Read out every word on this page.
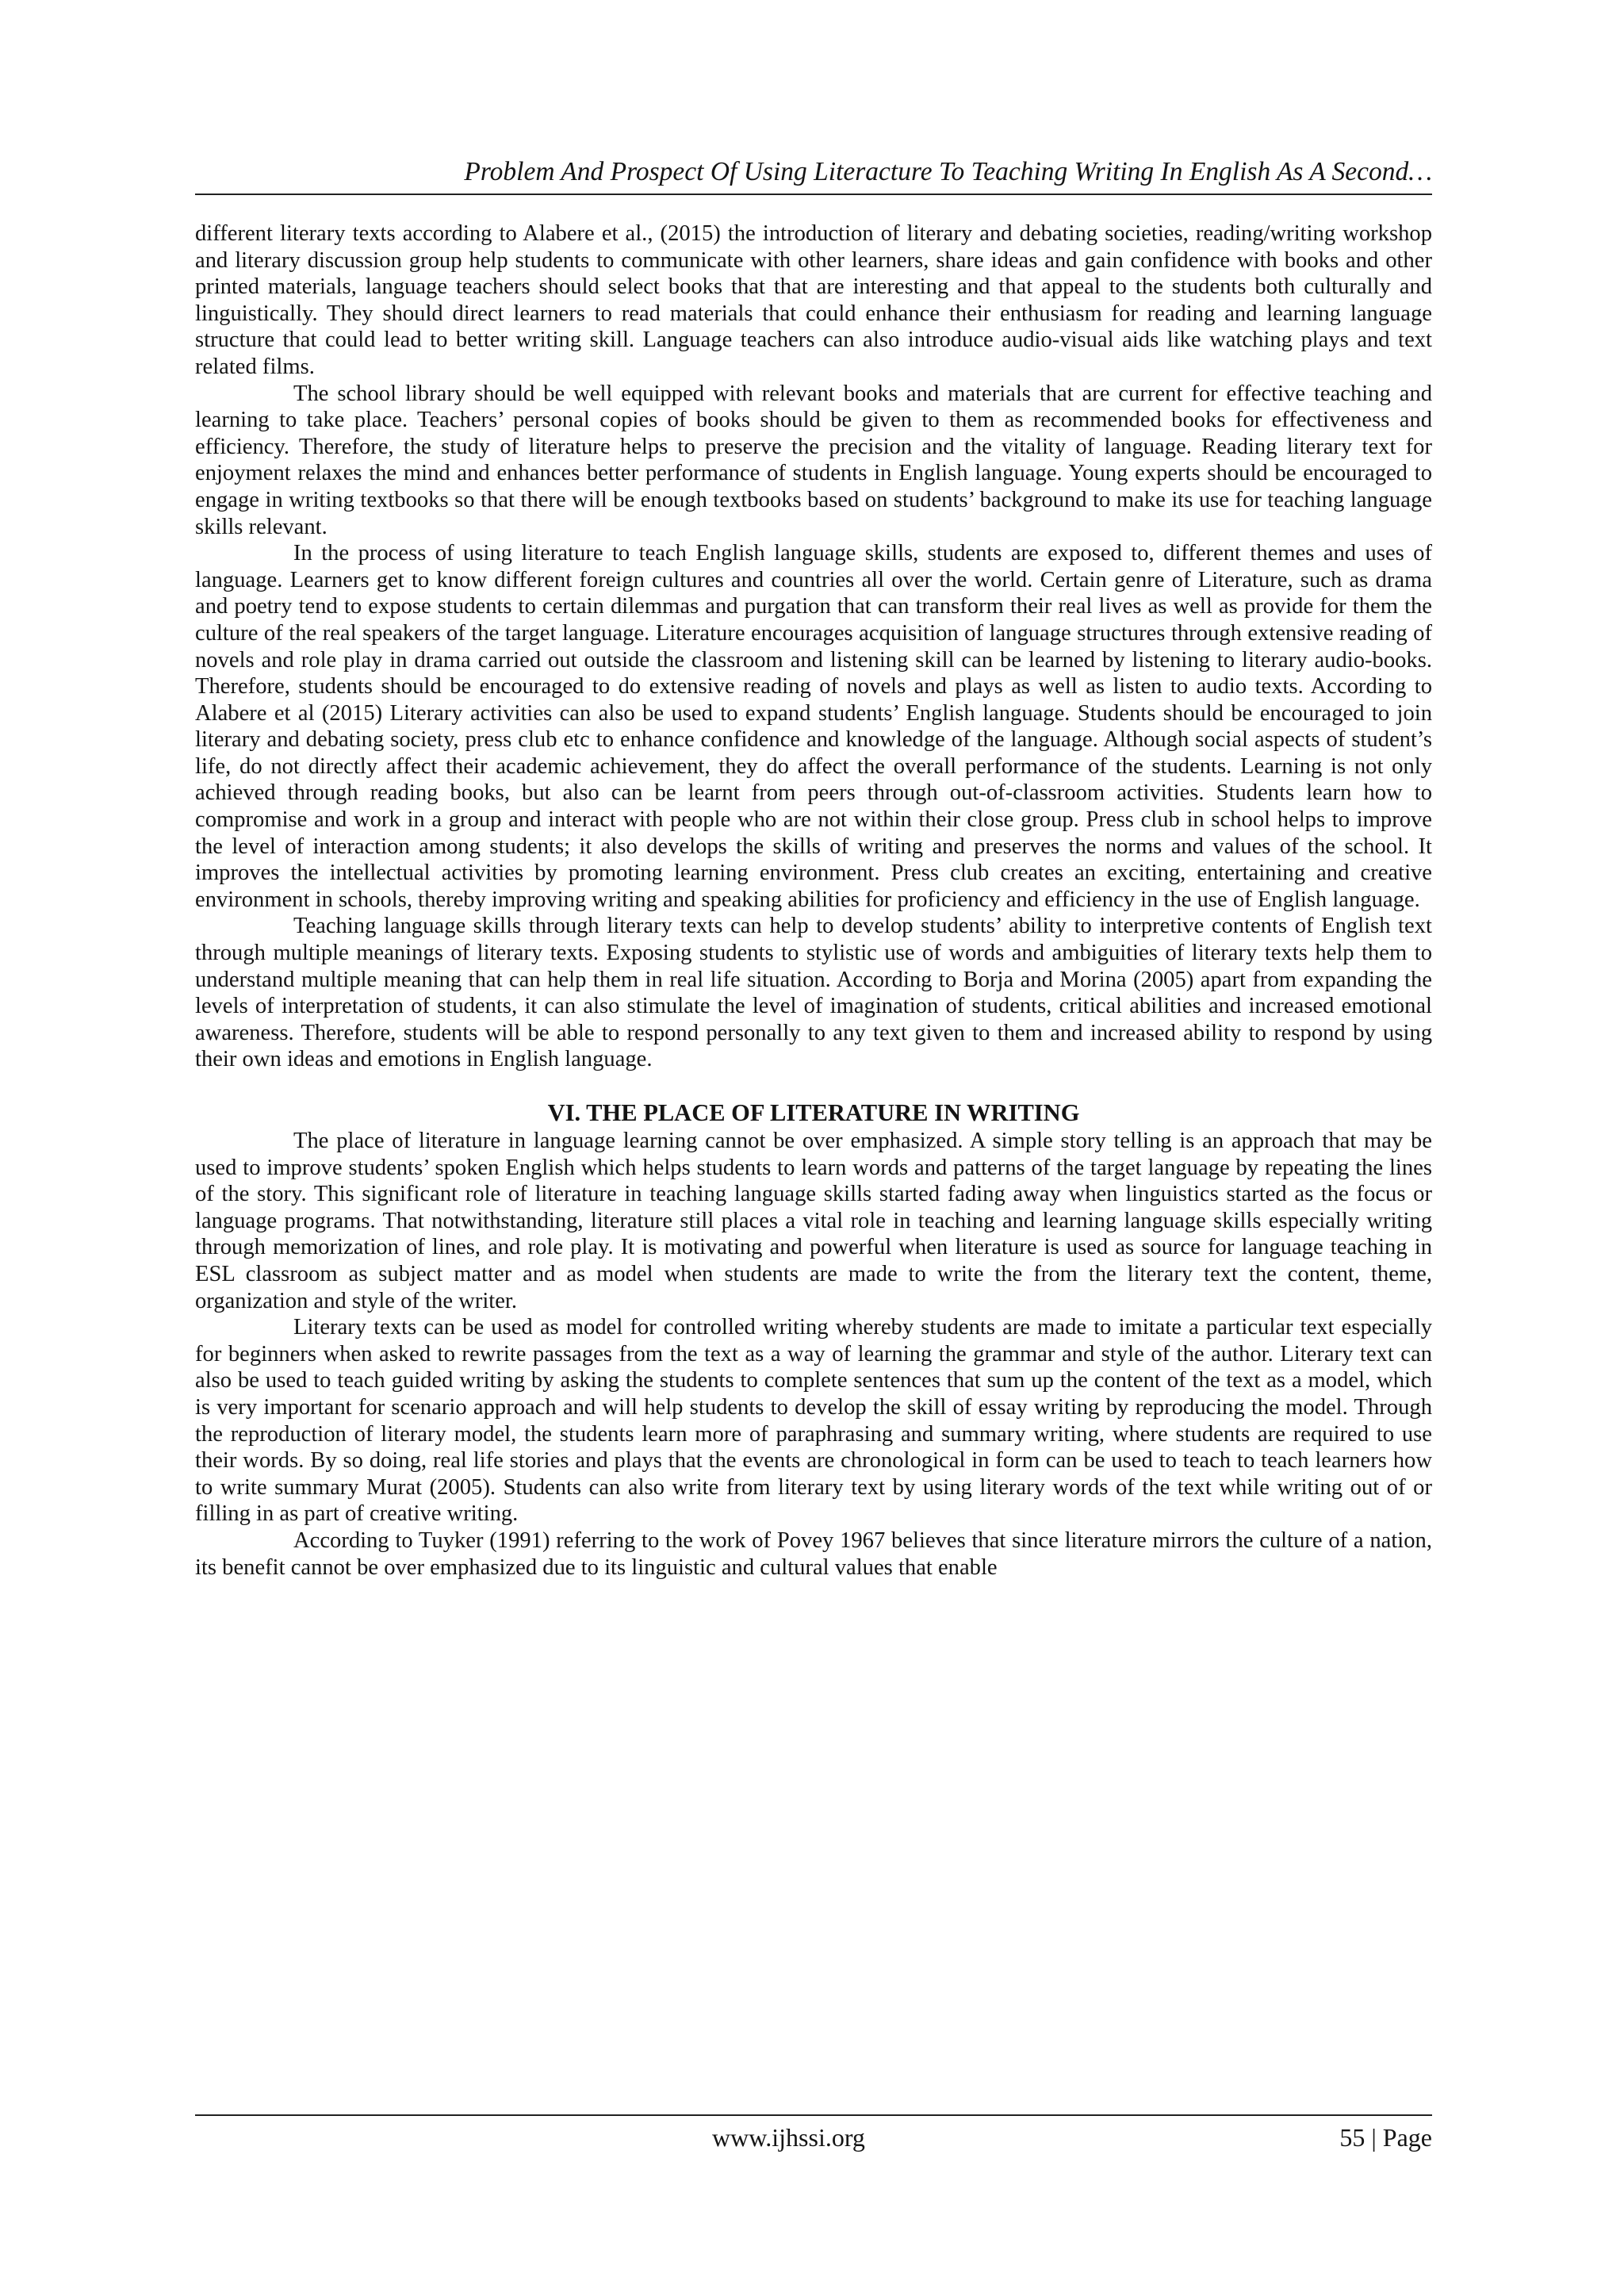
Problem And Prospect Of Using Literacture To Teaching Writing In English As A Second…

different literary texts according to Alabere et al., (2015) the introduction of literary and debating societies, reading/writing workshop and literary discussion group help students to communicate with other learners, share ideas and gain confidence with books and other printed materials, language teachers should select books that that are interesting and that appeal to the students both culturally and linguistically. They should direct learners to read materials that could enhance their enthusiasm for reading and learning language structure that could lead to better writing skill. Language teachers can also introduce audio-visual aids like watching plays and text related films.

The school library should be well equipped with relevant books and materials that are current for effective teaching and learning to take place. Teachers’ personal copies of books should be given to them as recommended books for effectiveness and efficiency. Therefore, the study of literature helps to preserve the precision and the vitality of language. Reading literary text for enjoyment relaxes the mind and enhances better performance of students in English language. Young experts should be encouraged to engage in writing textbooks so that there will be enough textbooks based on students’ background to make its use for teaching language skills relevant.

In the process of using literature to teach English language skills, students are exposed to, different themes and uses of language. Learners get to know different foreign cultures and countries all over the world. Certain genre of Literature, such as drama and poetry tend to expose students to certain dilemmas and purgation that can transform their real lives as well as provide for them the culture of the real speakers of the target language. Literature encourages acquisition of language structures through extensive reading of novels and role play in drama carried out outside the classroom and listening skill can be learned by listening to literary audio-books. Therefore, students should be encouraged to do extensive reading of novels and plays as well as listen to audio texts. According to Alabere et al (2015) Literary activities can also be used to expand students’ English language. Students should be encouraged to join literary and debating society, press club etc to enhance confidence and knowledge of the language. Although social aspects of student’s life, do not directly affect their academic achievement, they do affect the overall performance of the students. Learning is not only achieved through reading books, but also can be learnt from peers through out-of-classroom activities. Students learn how to compromise and work in a group and interact with people who are not within their close group. Press club in school helps to improve the level of interaction among students; it also develops the skills of writing and preserves the norms and values of the school. It improves the intellectual activities by promoting learning environment. Press club creates an exciting, entertaining and creative environment in schools, thereby improving writing and speaking abilities for proficiency and efficiency in the use of English language.

Teaching language skills through literary texts can help to develop students’ ability to interpretive contents of English text through multiple meanings of literary texts. Exposing students to stylistic use of words and ambiguities of literary texts help them to understand multiple meaning that can help them in real life situation. According to Borja and Morina (2005) apart from expanding the levels of interpretation of students, it can also stimulate the level of imagination of students, critical abilities and increased emotional awareness. Therefore, students will be able to respond personally to any text given to them and increased ability to respond by using their own ideas and emotions in English language.

VI. THE PLACE OF LITERATURE IN WRITING

The place of literature in language learning cannot be over emphasized. A simple story telling is an approach that may be used to improve students’ spoken English which helps students to learn words and patterns of the target language by repeating the lines of the story. This significant role of literature in teaching language skills started fading away when linguistics started as the focus or language programs. That notwithstanding, literature still places a vital role in teaching and learning language skills especially writing through memorization of lines, and role play. It is motivating and powerful when literature is used as source for language teaching in ESL classroom as subject matter and as model when students are made to write the from the literary text the content, theme, organization and style of the writer.

Literary texts can be used as model for controlled writing whereby students are made to imitate a particular text especially for beginners when asked to rewrite passages from the text as a way of learning the grammar and style of the author. Literary text can also be used to teach guided writing by asking the students to complete sentences that sum up the content of the text as a model, which is very important for scenario approach and will help students to develop the skill of essay writing by reproducing the model. Through the reproduction of literary model, the students learn more of paraphrasing and summary writing, where students are required to use their words. By so doing, real life stories and plays that the events are chronological in form can be used to teach to teach learners how to write summary Murat (2005). Students can also write from literary text by using literary words of the text while writing out of or filling in as part of creative writing.

According to Tuyker (1991) referring to the work of Povey 1967 believes that since literature mirrors the culture of a nation, its benefit cannot be over emphasized due to its linguistic and cultural values that enable

www.ijhssi.org	55 | Page
